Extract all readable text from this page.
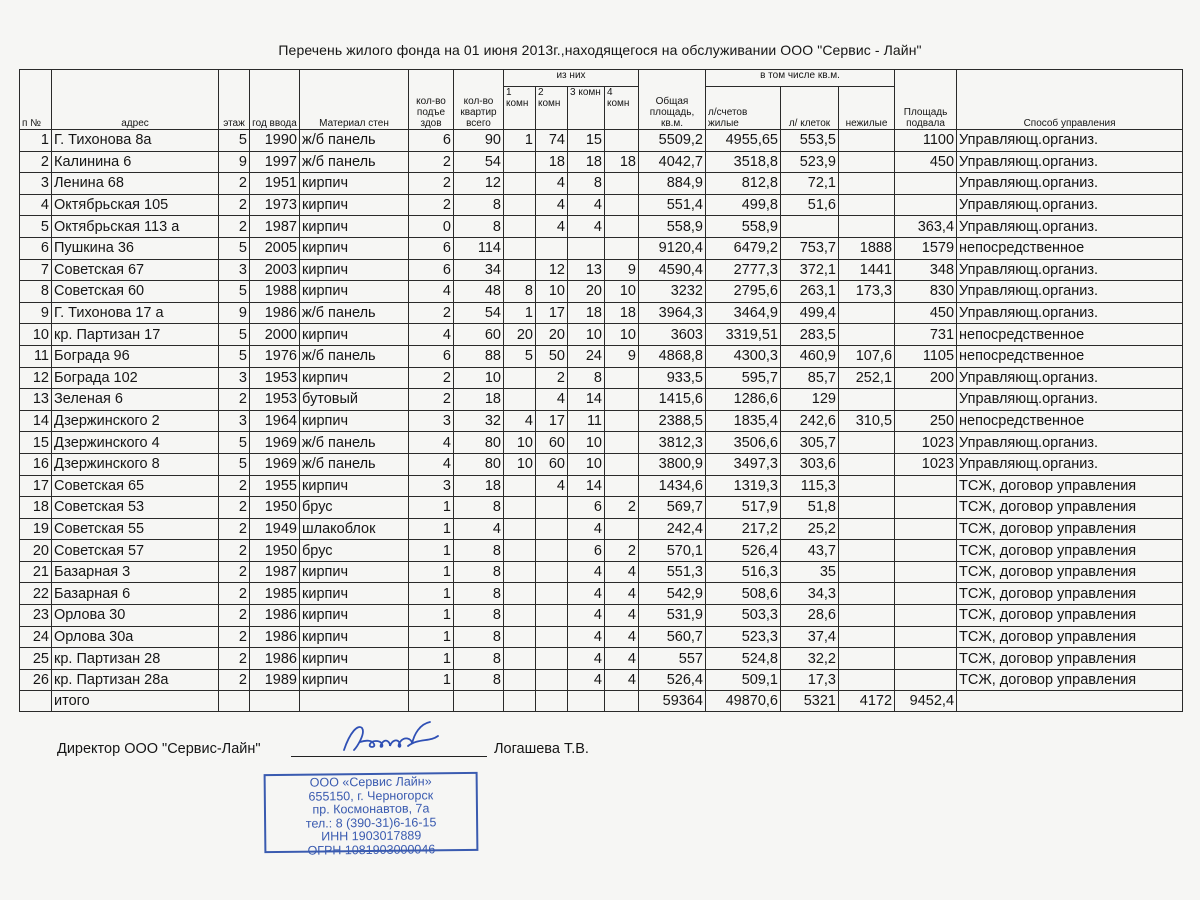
Перечень жилого фонда на 01 июня 2013г.,находящегося на обслуживании ООО "Сервис - Лайн"
п №	адрес	этаж	год ввода	Материал стен	кол-во подъе здов	кол-во квартир всего	из них				Общая площадь, кв.м.	в том числе кв.м.			Площадь подвала	Способ управления
							1 комн	2 комн	3 комн	4 комн		л/счетов жилые	л/ клеток	нежилые		

1	Г. Тихонова 8а	5	1990	ж/б панель	6	90	1	74	15		5509,2	4955,65	553,5		1100	Управляющ.организ.
2	Калинина 6	9	1997	ж/б панель	2	54		18	18	18	4042,7	3518,8	523,9		450	Управляющ.организ.
3	Ленина 68	2	1951	кирпич	2	12		4	8		884,9	812,8	72,1			Управляющ.организ.
4	Октябрьская 105	2	1973	кирпич	2	8		4	4		551,4	499,8	51,6			Управляющ.организ.
5	Октябрьская 113 а	2	1987	кирпич	0	8		4	4		558,9	558,9			363,4	Управляющ.организ.
6	Пушкина 36	5	2005	кирпич	6	114					9120,4	6479,2	753,7	1888	1579	непосредственное
7	Советская 67	3	2003	кирпич	6	34		12	13	9	4590,4	2777,3	372,1	1441	348	Управляющ.организ.
8	Советская 60	5	1988	кирпич	4	48	8	10	20	10	3232	2795,6	263,1	173,3	830	Управляющ.организ.
9	Г. Тихонова 17 а	9	1986	ж/б панель	2	54	1	17	18	18	3964,3	3464,9	499,4		450	Управляющ.организ.
10	кр. Партизан 17	5	2000	кирпич	4	60	20	20	10	10	3603	3319,51	283,5		731	непосредственное
11	Бограда 96	5	1976	ж/б панель	6	88	5	50	24	9	4868,8	4300,3	460,9	107,6	1105	непосредственное
12	Бограда 102	3	1953	кирпич	2	10		2	8		933,5	595,7	85,7	252,1	200	Управляющ.организ.
13	Зеленая 6	2	1953	бутовый	2	18		4	14		1415,6	1286,6	129			Управляющ.организ.
14	Дзержинского 2	3	1964	кирпич	3	32	4	17	11		2388,5	1835,4	242,6	310,5	250	непосредственное
15	Дзержинского 4	5	1969	ж/б панель	4	80	10	60	10		3812,3	3506,6	305,7		1023	Управляющ.организ.
16	Дзержинского 8	5	1969	ж/б панель	4	80	10	60	10		3800,9	3497,3	303,6		1023	Управляющ.организ.
17	Советская 65	2	1955	кирпич	3	18		4	14		1434,6	1319,3	115,3			ТСЖ, договор управления
18	Советская 53	2	1950	брус	1	8			6	2	569,7	517,9	51,8			ТСЖ, договор управления
19	Советская 55	2	1949	шлакоблок	1	4			4		242,4	217,2	25,2			ТСЖ, договор управления
20	Советская 57	2	1950	брус	1	8			6	2	570,1	526,4	43,7			ТСЖ, договор управления
21	Базарная 3	2	1987	кирпич	1	8			4	4	551,3	516,3	35			ТСЖ, договор управления
22	Базарная 6	2	1985	кирпич	1	8			4	4	542,9	508,6	34,3			ТСЖ, договор управления
23	Орлова 30	2	1986	кирпич	1	8			4	4	531,9	503,3	28,6			ТСЖ, договор управления
24	Орлова 30а	2	1986	кирпич	1	8			4	4	560,7	523,3	37,4			ТСЖ, договор управления
25	кр. Партизан 28	2	1986	кирпич	1	8			4	4	557	524,8	32,2			ТСЖ, договор управления
26	кр. Партизан 28а	2	1989	кирпич	1	8			4	4	526,4	509,1	17,3			ТСЖ, договор управления
	итого										59364	49870,6	5321	4172	9452,4	
Директор ООО "Сервис-Лайн"	Логашева Т.В.
ООО «Сервис Лайн»
655150, г. Черногорск
пр. Космонавтов, 7а
тел.: 8 (390-31)6-16-15
ИНН 1903017889
ОГРН 1081903000046
